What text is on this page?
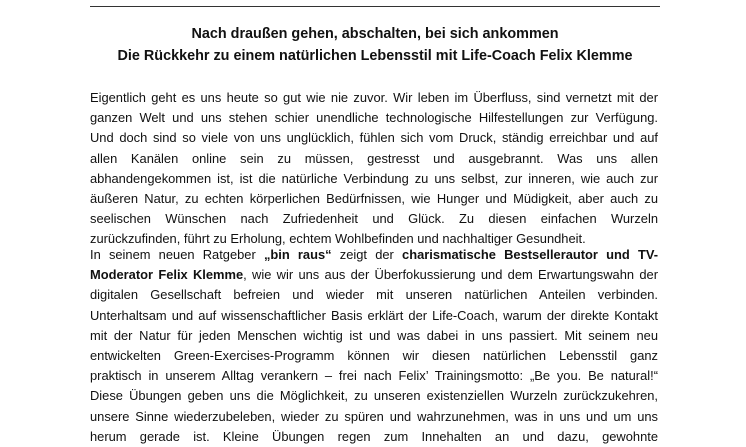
Nach draußen gehen, abschalten, bei sich ankommen
Die Rückkehr zu einem natürlichen Lebensstil mit Life-Coach Felix Klemme
Eigentlich geht es uns heute so gut wie nie zuvor. Wir leben im Überfluss, sind vernetzt mit der
ganzen Welt und uns stehen schier unendliche technologische Hilfestellungen zur Verfügung.
Und doch sind so viele von uns unglücklich, fühlen sich vom Druck, ständig erreichbar und auf
allen Kanälen online sein zu müssen, gestresst und ausgebrannt. Was uns allen
abhandengekommen ist, ist die natürliche Verbindung zu uns selbst, zur inneren, wie auch zur
äußeren Natur, zu echten körperlichen Bedürfnissen, wie Hunger und Müdigkeit, aber auch zu
seelischen Wünschen nach Zufriedenheit und Glück. Zu diesen einfachen Wurzeln
zurückzufinden, führt zu Erholung, echtem Wohlbefinden und nachhaltiger Gesundheit.
In seinem neuen Ratgeber „bin raus“ zeigt der charismatische Bestsellerautor und TV-
Moderator Felix Klemme, wie wir uns aus der Überfokussierung und dem Erwartungswahn der
digitalen Gesellschaft befreien und wieder mit unseren natürlichen Anteilen verbinden.
Unterhaltsam und auf wissenschaftlicher Basis erklärt der Life-Coach, warum der direkte Kontakt
mit der Natur für jeden Menschen wichtig ist und was dabei in uns passiert. Mit seinem neu
entwickelten Green-Exercises-Programm können wir diesen natürlichen Lebensstil ganz
praktisch in unserem Alltag verankern – frei nach Felix’ Trainingsmotto: „Be you. Be natural!“
Diese Übungen geben uns die Möglichkeit, zu unseren existenziellen Wurzeln zurückzukehren,
unsere Sinne wiederzubeleben, wieder zu spüren und wahrzunehmen, was in uns und um uns
herum gerade ist. Kleine Übungen regen zum Innehalten an und dazu, gewohnte
